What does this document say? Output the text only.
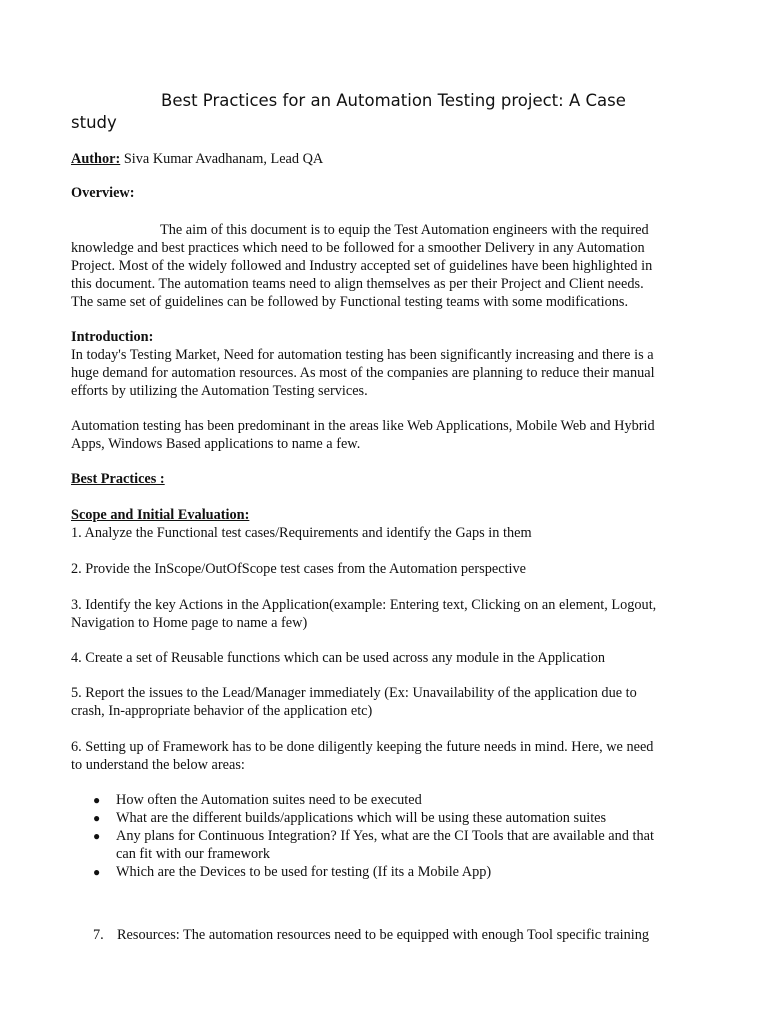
Best Practices for an Automation Testing project: A Case
study
Author: Siva Kumar Avadhanam, Lead QA
Overview:
The aim of this document is to equip the Test Automation engineers with the required
knowledge and best practices which need to be followed for a smoother Delivery in any Automation
Project. Most of the widely followed and Industry accepted set of guidelines have been highlighted in
this document. The automation teams need to align themselves as per their Project and Client needs.
The same set of guidelines can be followed by Functional testing teams with some modifications.
Introduction:
In today's Testing Market, Need for automation testing has been significantly increasing and there is a
huge demand for automation resources. As most of the companies are planning to reduce their manual
efforts by utilizing the Automation Testing services.
Automation testing has been predominant in the areas like Web Applications, Mobile Web and Hybrid
Apps, Windows Based applications to name a few.
Best Practices :
Scope and Initial Evaluation:
1. Analyze the Functional test cases/Requirements and identify the Gaps in them
2. Provide the InScope/OutOfScope test cases from the Automation perspective
3. Identify the key Actions in the Application(example: Entering text, Clicking on an element, Logout,
Navigation to Home page to name a few)
4. Create a set of Reusable functions which can be used across any module in the Application
5. Report the issues to the Lead/Manager immediately (Ex: Unavailability of the application due to
crash, In-appropriate behavior of the application etc)
6. Setting up of Framework has to be done diligently keeping the future needs in mind. Here, we need
to understand the below areas:

● How often the Automation suites need to be executed

● What are the different builds/applications which will be using these automation suites

● Any plans for Continuous Integration? If Yes, what are the CI Tools that are available and that
can fit with our framework

● Which are the Devices to be used for testing (If its a Mobile App)

7. Resources: The automation resources need to be equipped with enough Tool specific training
